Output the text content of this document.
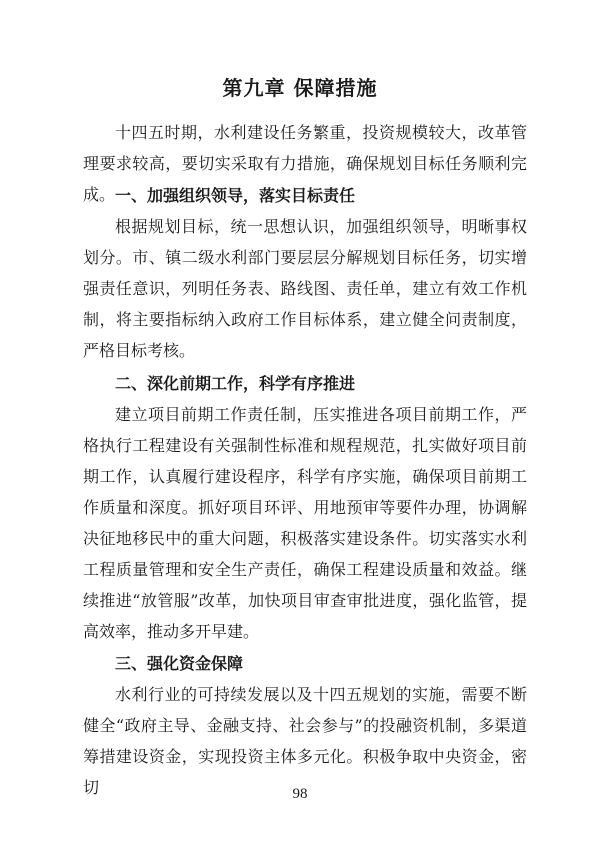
第九章 保障措施

十四五时期，水利建设任务繁重，投资规模较大，改革管理要求较高，要切实采取有力措施，确保规划目标任务顺利完成。 一、加强组织领导，落实目标责任

根据规划目标，统一思想认识，加强组织领导，明晰事权划分。市、镇二级水利部门要层层分解规划目标任务，切实增强责任意识，列明任务表、路线图、责任单，建立有效工作机制，将主要指标纳入政府工作目标体系，建立健全问责制度，严格目标考核。

二、深化前期工作，科学有序推进

建立项目前期工作责任制，压实推进各项目前期工作，严格执行工程建设有关强制性标准和规程规范，扎实做好项目前期工作，认真履行建设程序，科学有序实施，确保项目前期工作质量和深度。抓好项目环评、用地预审等要件办理，协调解决征地移民中的重大问题，积极落实建设条件。切实落实水利工程质量管理和安全生产责任，确保工程建设质量和效益。继续推进“放管服”改革，加快项目审查审批进度，强化监管，提高效率，推动多开早建。

三、强化资金保障

水利行业的可持续发展以及十四五规划的实施，需要不断健全“政府主导、金融支持、社会参与”的投融资机制，多渠道筹措建设资金，实现投资主体多元化。积极争取中央资金，密切	98
